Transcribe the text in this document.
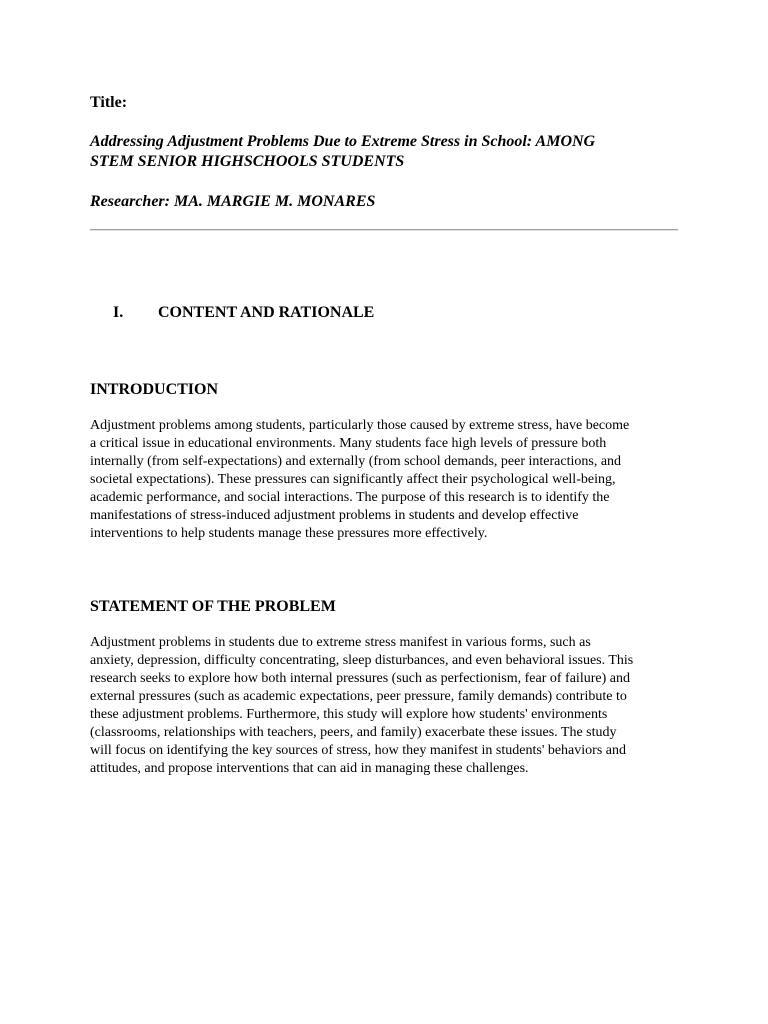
Title:
Addressing Adjustment Problems Due to Extreme Stress in School: AMONG
STEM SENIOR HIGHSCHOOLS STUDENTS
Researcher: MA. MARGIE M. MONARES
I. CONTENT AND RATIONALE
INTRODUCTION
Adjustment problems among students, particularly those caused by extreme stress, have become
a critical issue in educational environments. Many students face high levels of pressure both
internally (from self-expectations) and externally (from school demands, peer interactions, and
societal expectations). These pressures can significantly affect their psychological well-being,
academic performance, and social interactions. The purpose of this research is to identify the
manifestations of stress-induced adjustment problems in students and develop effective
interventions to help students manage these pressures more effectively.
STATEMENT OF THE PROBLEM
Adjustment problems in students due to extreme stress manifest in various forms, such as
anxiety, depression, difficulty concentrating, sleep disturbances, and even behavioral issues. This
research seeks to explore how both internal pressures (such as perfectionism, fear of failure) and
external pressures (such as academic expectations, peer pressure, family demands) contribute to
these adjustment problems. Furthermore, this study will explore how students' environments
(classrooms, relationships with teachers, peers, and family) exacerbate these issues. The study
will focus on identifying the key sources of stress, how they manifest in students' behaviors and
attitudes, and propose interventions that can aid in managing these challenges.
